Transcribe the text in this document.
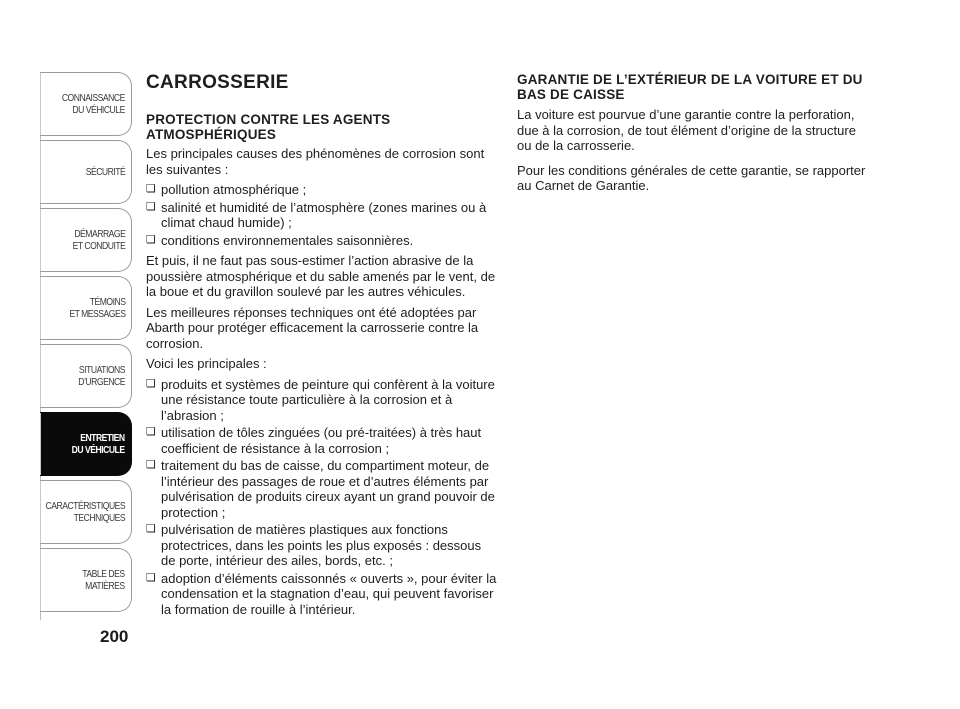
CONNAISSANCE
DU VÉHICULE
SÉCURITÉ
DÉMARRAGE
ET CONDUITE
TÉMOINS
ET MESSAGES
SITUATIONS
D’URGENCE
ENTRETIEN
DU VÉHICULE
CARACTÉRISTIQUES
TECHNIQUES
TABLE DES
MATIÈRES
200
CARROSSERIE
PROTECTION CONTRE LES AGENTS ATMOSPHÉRIQUES

Les principales causes des phénomènes de corrosion sont les suivantes :

❏ pollution atmosphérique ;
❏ salinité et humidité de l’atmosphère (zones marines ou à climat chaud humide) ;
❏ conditions environnementales saisonnières.

Et puis, il ne faut pas sous-estimer l’action abrasive de la poussière atmosphérique et du sable amenés par le vent, de la boue et du gravillon soulevé par les autres véhicules.

Les meilleures réponses techniques ont été adoptées par Abarth pour protéger efficacement la carrosserie contre la corrosion.

Voici les principales :

❏ produits et systèmes de peinture qui confèrent à la voiture une résistance toute particulière à la corrosion et à l’abrasion ;
❏ utilisation de tôles zinguées (ou pré-traitées) à très haut coefficient de résistance à la corrosion ;
❏ traitement du bas de caisse, du compartiment moteur, de l’intérieur des passages de roue et d’autres éléments par pulvérisation de produits cireux ayant un grand pouvoir de protection ;
❏ pulvérisation de matières plastiques aux fonctions protectrices, dans les points les plus exposés : dessous de porte, intérieur des ailes, bords, etc. ;
❏ adoption d’éléments caissonnés « ouverts », pour éviter la condensation et la stagnation d’eau, qui peuvent favoriser la formation de rouille à l’intérieur.
GARANTIE DE L’EXTÉRIEUR DE LA VOITURE ET DU BAS DE CAISSE

La voiture est pourvue d’une garantie contre la perforation, due à la corrosion, de tout élément d’origine de la structure ou de la carrosserie.

Pour les conditions générales de cette garantie, se rapporter au Carnet de Garantie.
